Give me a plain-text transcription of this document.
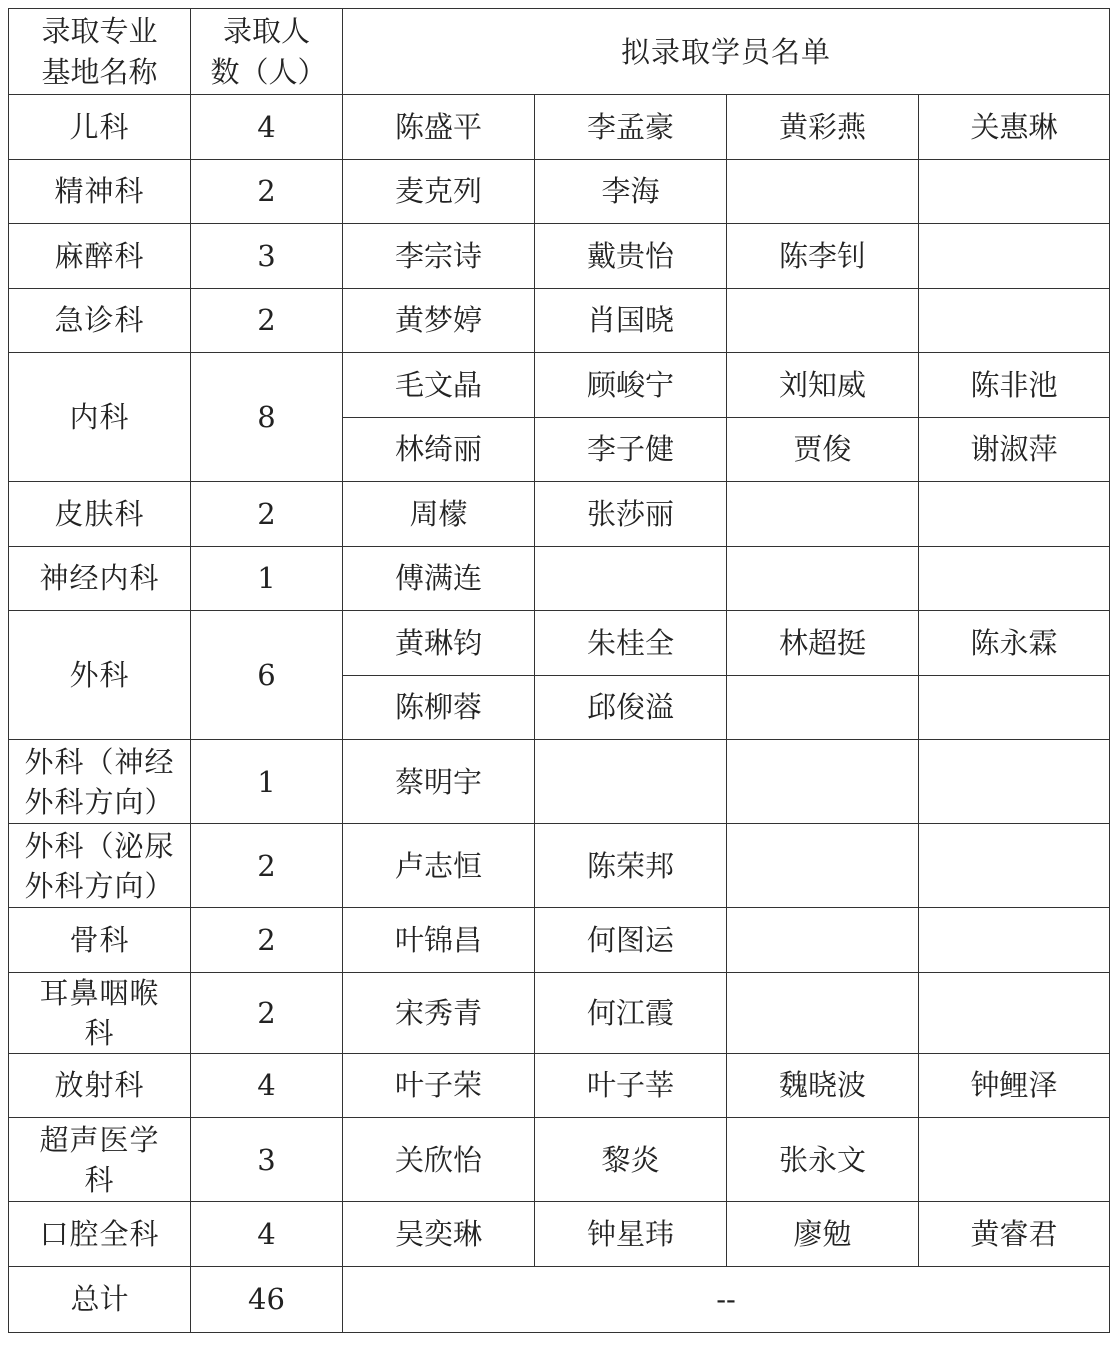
录取专业基地名称	录取人数（人）	拟录取学员名单			

儿科	4	陈盛平	李孟豪	黄彩燕	关惠琳

精神科	2	麦克列	李海		

麻醉科	3	李宗诗	戴贵怡	陈李钊	

急诊科	2	黄梦婷	肖国晓		

内科	8	毛文晶	顾峻宁	刘知威	陈非池
		林绮丽	李子健	贾俊	谢淑萍

皮肤科	2	周檬	张莎丽		

神经内科	1	傅满连			

外科	6	黄琳钧	朱桂全	林超挺	陈永霖
		陈柳蓉	邱俊溢		

外科（神经外科方向）	1	蔡明宇			

外科（泌尿外科方向）	2	卢志恒	陈荣邦		

骨科	2	叶锦昌	何图运		

耳鼻咽喉科	2	宋秀青	何江霞		

放射科	4	叶子荣	叶子莘	魏晓波	钟鲤泽

超声医学科	3	关欣怡	黎炎	张永文	

口腔全科	4	吴奕琳	钟星玮	廖勉	黄睿君
总计	46	--			
